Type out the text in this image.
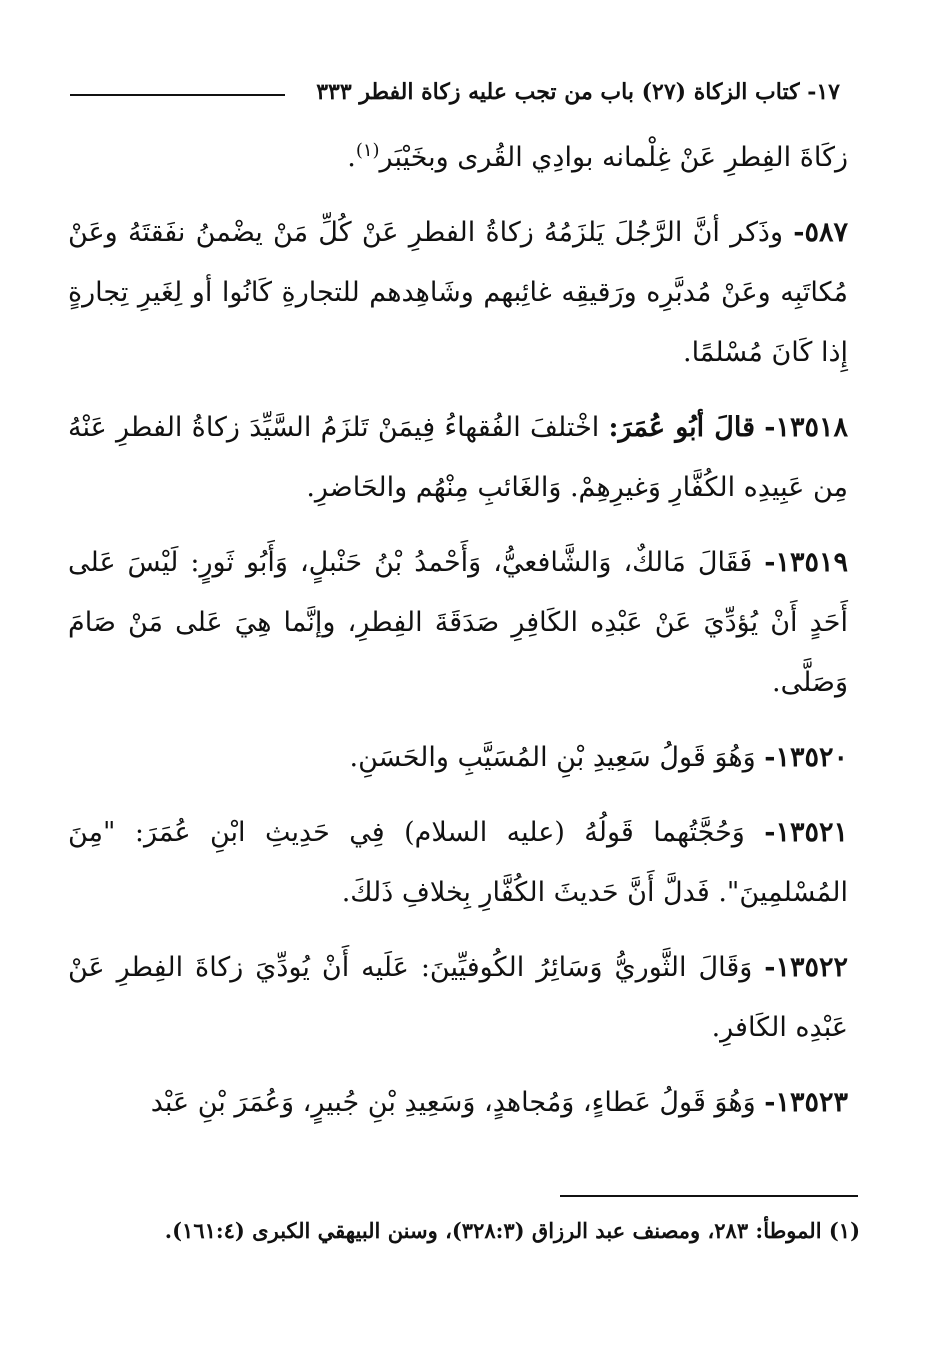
١٧- كتاب الزكاة (٢٧) باب من تجب عليه زكاة الفطر ٣٣٣

زكَاةَ الفِطرِ عَنْ غِلْمانه بوادِي القُرى وبخَيْبَر$^{(١)}$.

٥٨٧- وذَكر أنَّ الرَّجُلَ يَلزَمُهُ زكاةُ الفطرِ عَنْ كُلِّ مَنْ يضْمنُ نفَقتَهُ وعَنْ مُكاتَبِه وعَنْ مُدبَّرِه ورَقيقِه غائِبهم وشَاهِدهم للتجارةِ كَانُوا أو لِغَيرِ تِجارةٍ إِذا كَانَ مُسْلمًا.

١٣٥١٨- قالَ أبُو عُمَرَ: اخْتلفَ الفُقهاءُ فِيمَنْ تَلزَمُ السَّيِّدَ زكاةُ الفطرِ عَنْهُ مِن عَبِيدِه الكُفَّارِ وَغيرِهِمْ. وَالغَائبِ مِنْهُم والحَاضرِ.

١٣٥١٩- فَقَالَ مَالكٌ، وَالشَّافعيُّ، وَأَحْمدُ بْنُ حَنْبلٍ، وَأَبُو ثَورٍ: لَيْسَ عَلى أَحَدٍ أَنْ يُؤدِّيَ عَنْ عَبْدِه الكَافِرِ صَدَقَةَ الفِطرِ، وإنَّما هِيَ عَلى مَنْ صَامَ وَصَلَّى.

١٣٥٢٠- وَهُوَ قَولُ سَعِيدِ بْنِ المُسَيَّبِ والحَسَنِ.

١٣٥٢١- وَحُجَّتُهما قَولُهُ (عليه السلام) فِي حَدِيثِ ابْنِ عُمَرَ: "مِنَ المُسْلمِينَ". فَدلَّ أَنَّ حَديثَ الكُفَّارِ بِخلافِ ذَلكَ.

١٣٥٢٢- وَقَالَ الثَّوريُّ وَسَائِرُ الكُوفيِّينَ: عَلَيه أَنْ يُودِّيَ زكاةَ الفِطرِ عَنْ عَبْدِه الكَافرِ.

١٣٥٢٣- وَهُوَ قَولُ عَطاءٍ، وَمُجاهدٍ، وَسَعِيدِ بْنِ جُبيرٍ، وَعُمَرَ بْنِ عَبْد

(١) الموطأ: ٢٨٣، ومصنف عبد الرزاق (٣٢٨:٣)، وسنن البيهقي الكبرى (١٦١:٤).
